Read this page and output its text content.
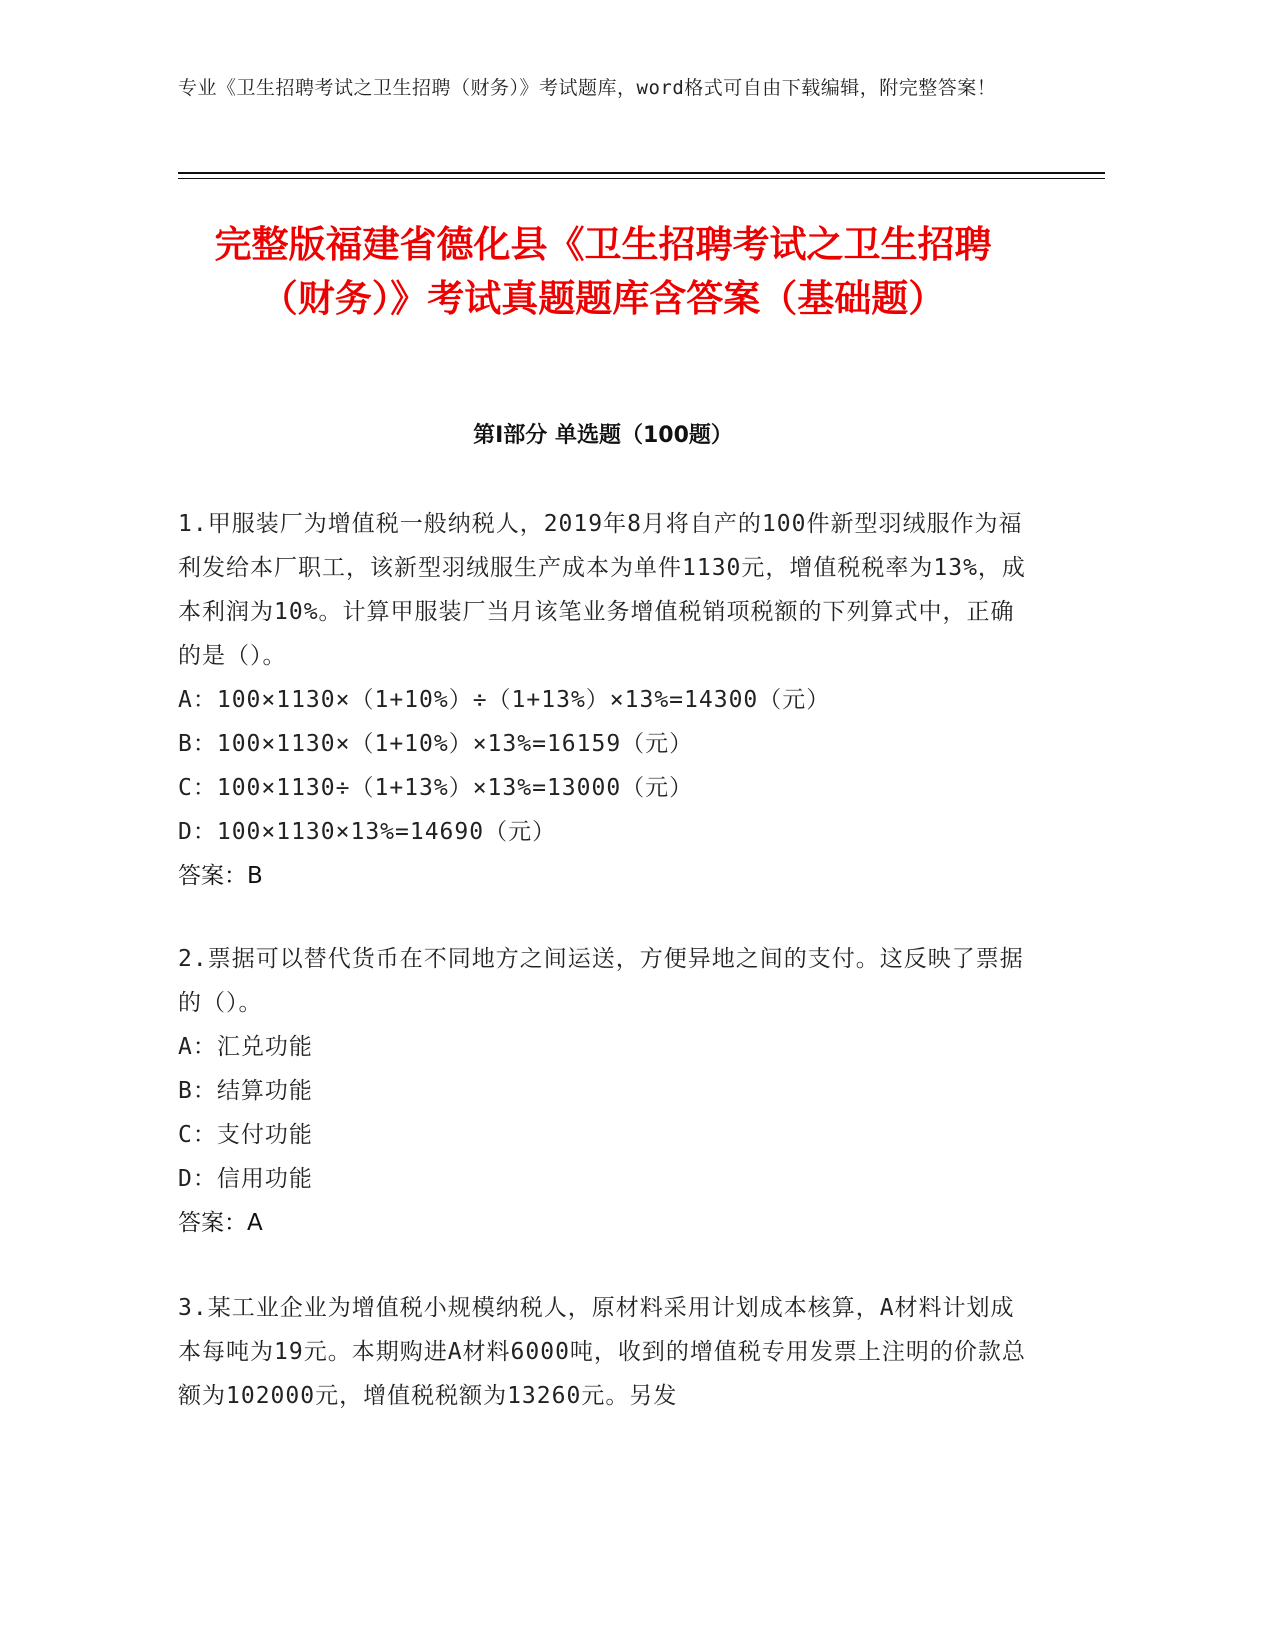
专业《卫生招聘考试之卫生招聘（财务）》考试题库，word格式可自由下载编辑，附完整答案！
完整版福建省德化县《卫生招聘考试之卫生招聘（财务）》考试真题题库含答案（基础题）
第Ⅰ部分 单选题（100题）

1.甲服装厂为增值税一般纳税人，2019年8月将自产的100件新型羽绒服作为福利发给本厂职工，该新型羽绒服生产成本为单件1130元，增值税税率为13%，成本利润为10%。计算甲服装厂当月该笔业务增值税销项税额的下列算式中，正确的是（）。

A：100×1130×（1+10%）÷（1+13%）×13%=14300（元）

B：100×1130×（1+10%）×13%=16159（元）

C：100×1130÷（1+13%）×13%=13000（元）

D：100×1130×13%=14690（元）

答案：B

2.票据可以替代货币在不同地方之间运送，方便异地之间的支付。这反映了票据的（）。

A：汇兑功能

B：结算功能

C：支付功能

D：信用功能

答案：A

3.某工业企业为增值税小规模纳税人，原材料采用计划成本核算，A材料计划成本每吨为19元。本期购进A材料6000吨，收到的增值税专用发票上注明的价款总额为102000元，增值税税额为13260元。另发
